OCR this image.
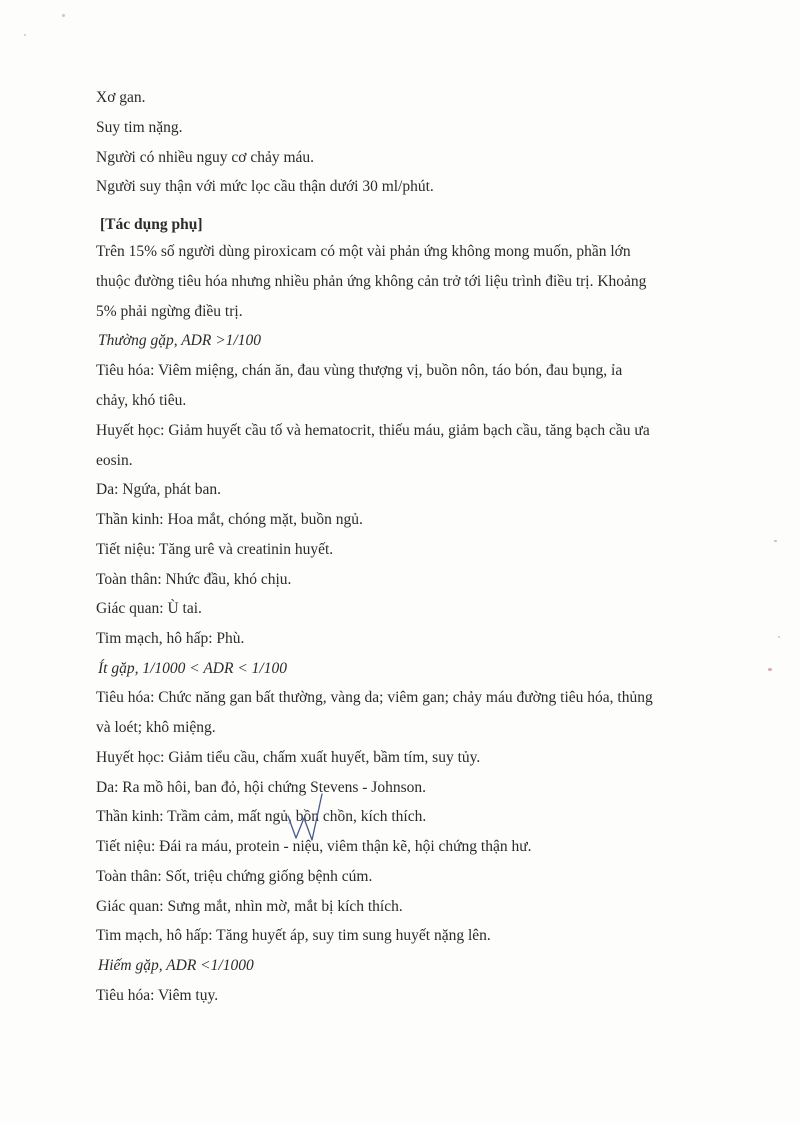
Xơ gan.
Suy tim nặng.
Người có nhiều nguy cơ chảy máu.
Người suy thận với mức lọc cầu thận dưới 30 ml/phút.
[Tác dụng phụ]
Trên 15% số người dùng piroxicam có một vài phản ứng không mong muốn, phần lớn
thuộc đường tiêu hóa nhưng nhiều phản ứng không cản trở tới liệu trình điều trị. Khoảng
5% phải ngừng điều trị.
Thường gặp, ADR >1/100
Tiêu hóa: Viêm miệng, chán ăn, đau vùng thượng vị, buồn nôn, táo bón, đau bụng, ỉa
chảy, khó tiêu.
Huyết học: Giảm huyết cầu tố và hematocrit, thiếu máu, giảm bạch cầu, tăng bạch cầu ưa
eosin.
Da: Ngứa, phát ban.
Thần kinh: Hoa mắt, chóng mặt, buồn ngủ.
Tiết niệu: Tăng urê và creatinin huyết.
Toàn thân: Nhức đầu, khó chịu.
Giác quan: Ù tai.
Tim mạch, hô hấp: Phù.
Ít gặp, 1/1000 < ADR < 1/100
Tiêu hóa: Chức năng gan bất thường, vàng da; viêm gan; chảy máu đường tiêu hóa, thủng
và loét; khô miệng.
Huyết học: Giảm tiểu cầu, chấm xuất huyết, bầm tím, suy tủy.
Da: Ra mồ hôi, ban đỏ, hội chứng Stevens - Johnson.
Thần kinh: Trầm cảm, mất ngủ, bồn chồn, kích thích.
Tiết niệu: Đái ra máu, protein - niệu, viêm thận kẽ, hội chứng thận hư.
Toàn thân: Sốt, triệu chứng giống bệnh cúm.
Giác quan: Sưng mắt, nhìn mờ, mắt bị kích thích.
Tim mạch, hô hấp: Tăng huyết áp, suy tim sung huyết nặng lên.
Hiếm gặp, ADR <1/1000
Tiêu hóa: Viêm tụy.
